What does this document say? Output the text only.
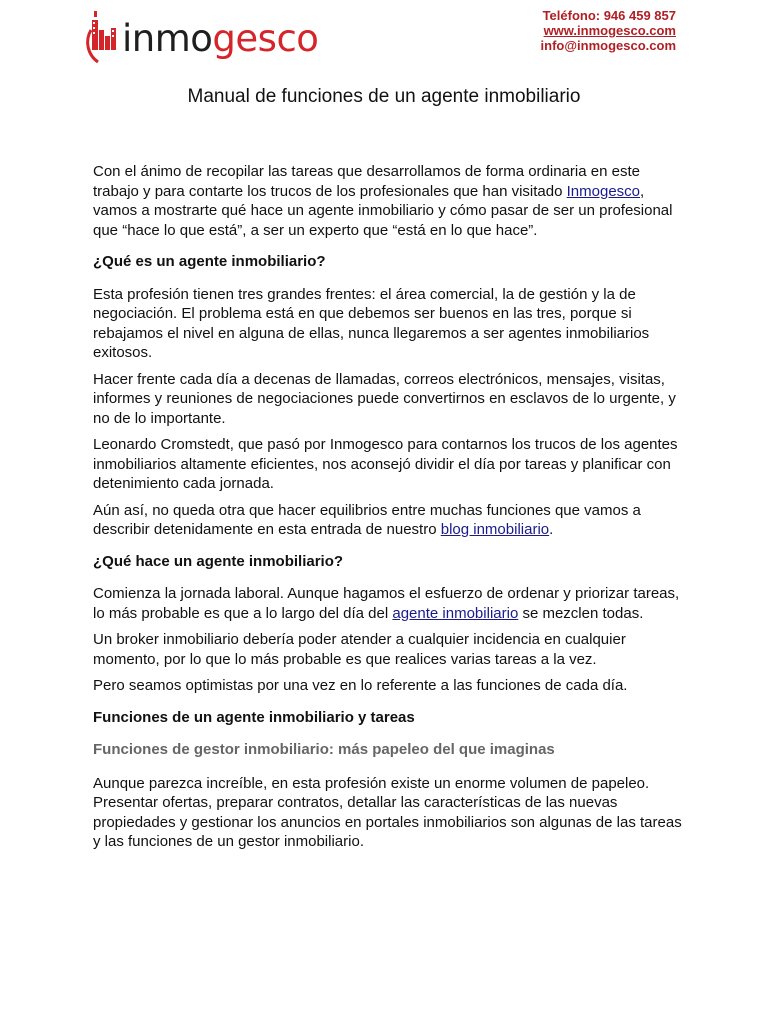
inmogesco
Teléfono: 946 459 857
www.inmogesco.com
info@inmogesco.com
Manual de funciones de un agente inmobiliario

Con el ánimo de recopilar las tareas que desarrollamos de forma ordinaria en este trabajo y para contarte los trucos de los profesionales que han visitado Inmogesco, vamos a mostrarte qué hace un agente inmobiliario y cómo pasar de ser un profesional que “hace lo que está”, a ser un experto que “está en lo que hace”.

¿Qué es un agente inmobiliario?

Esta profesión tienen tres grandes frentes: el área comercial, la de gestión y la de negociación. El problema está en que debemos ser buenos en las tres, porque si rebajamos el nivel en alguna de ellas, nunca llegaremos a ser agentes inmobiliarios exitosos.

Hacer frente cada día a decenas de llamadas, correos electrónicos, mensajes, visitas, informes y reuniones de negociaciones puede convertirnos en esclavos de lo urgente, y no de lo importante.

Leonardo Cromstedt, que pasó por Inmogesco para contarnos los trucos de los agentes inmobiliarios altamente eficientes, nos aconsejó dividir el día por tareas y planificar con detenimiento cada jornada.

Aún así, no queda otra que hacer equilibrios entre muchas funciones que vamos a describir detenidamente en esta entrada de nuestro blog inmobiliario.

¿Qué hace un agente inmobiliario?

Comienza la jornada laboral. Aunque hagamos el esfuerzo de ordenar y priorizar tareas, lo más probable es que a lo largo del día del agente inmobiliario se mezclen todas.

Un broker inmobiliario debería poder atender a cualquier incidencia en cualquier momento, por lo que lo más probable es que realices varias tareas a la vez.

Pero seamos optimistas por una vez en lo referente a las funciones de cada día.

Funciones de un agente inmobiliario y tareas
Funciones de gestor inmobiliario: más papeleo del que imaginas

Aunque parezca increíble, en esta profesión existe un enorme volumen de papeleo. Presentar ofertas, preparar contratos, detallar las características de las nuevas propiedades y gestionar los anuncios en portales inmobiliarios son algunas de las tareas y las funciones de un gestor inmobiliario.
